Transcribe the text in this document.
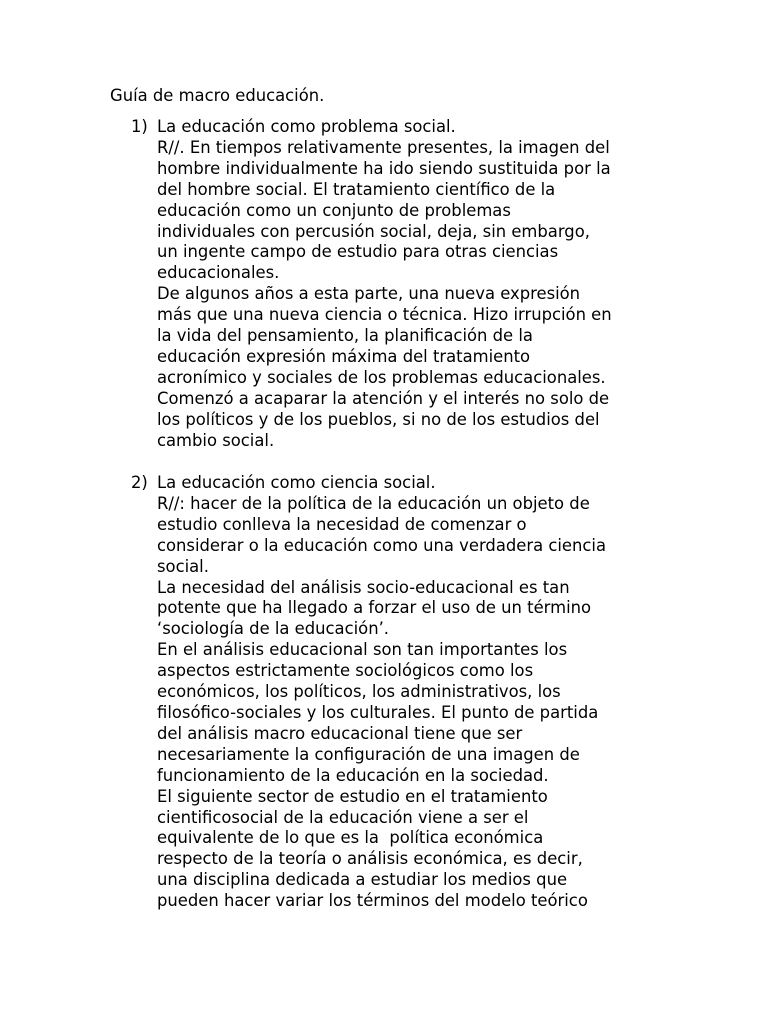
Guía de macro educación.
1) La educación como problema social.
R//. En tiempos relativamente presentes, la imagen del
hombre individualmente ha ido siendo sustituida por la
del hombre social. El tratamiento científico de la
educación como un conjunto de problemas
individuales con percusión social, deja, sin embargo,
un ingente campo de estudio para otras ciencias
educacionales.
De algunos años a esta parte, una nueva expresión
más que una nueva ciencia o técnica. Hizo irrupción en
la vida del pensamiento, la planificación de la
educación expresión máxima del tratamiento
acronímico y sociales de los problemas educacionales.
Comenzó a acaparar la atención y el interés no solo de
los políticos y de los pueblos, si no de los estudios del
cambio social.
2) La educación como ciencia social.
R//: hacer de la política de la educación un objeto de
estudio conlleva la necesidad de comenzar o
considerar o la educación como una verdadera ciencia
social.
La necesidad del análisis socio-educacional es tan
potente que ha llegado a forzar el uso de un término
‘sociología de la educación’.
En el análisis educacional son tan importantes los
aspectos estrictamente sociológicos como los
económicos, los políticos, los administrativos, los
filosófico-sociales y los culturales. El punto de partida
del análisis macro educacional tiene que ser
necesariamente la configuración de una imagen de
funcionamiento de la educación en la sociedad.
El siguiente sector de estudio en el tratamiento
cientificosocial de la educación viene a ser el
equivalente de lo que es la  política económica
respecto de la teoría o análisis económica, es decir,
una disciplina dedicada a estudiar los medios que
pueden hacer variar los términos del modelo teórico
